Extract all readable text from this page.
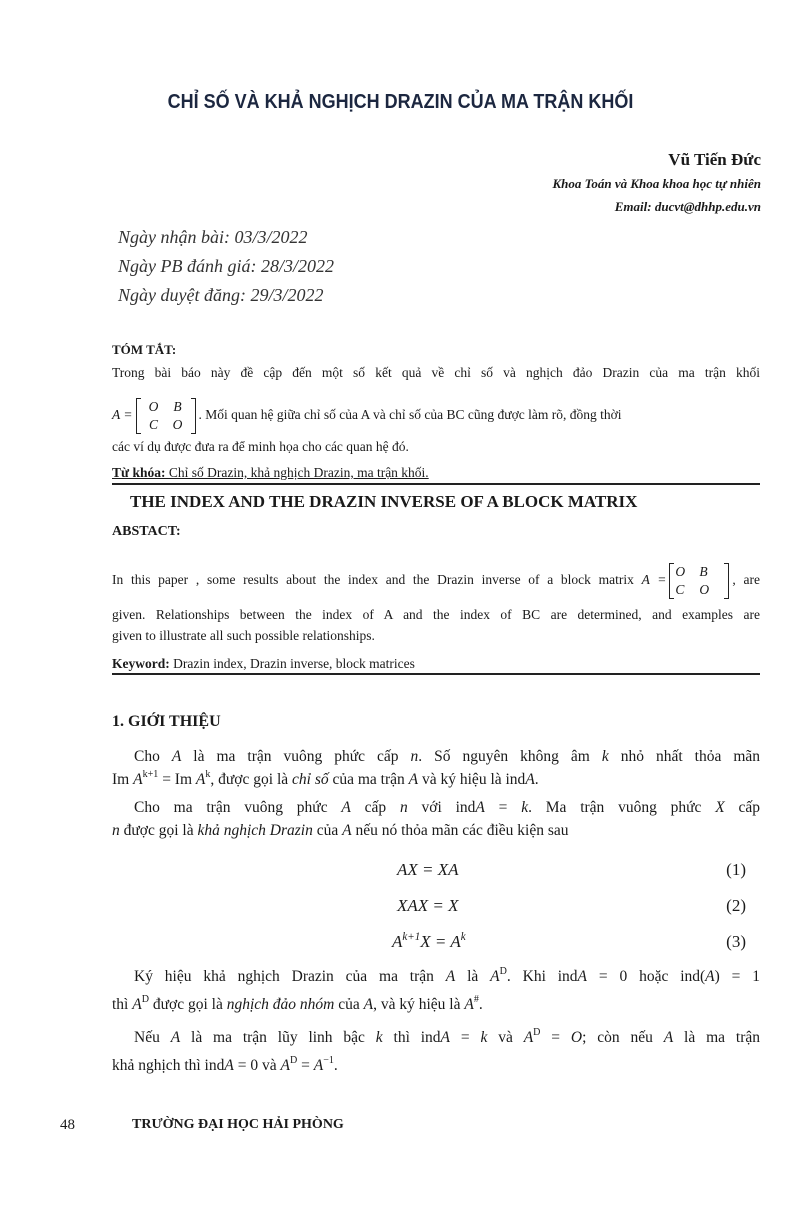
CHỈ SỐ VÀ KHẢ NGHỊCH DRAZIN CỦA MA TRẬN KHỐI
Vũ Tiến Đức
Khoa Toán và Khoa khoa học tự nhiên
Email: ducvt@dhhp.edu.vn
Ngày nhận bài: 03/3/2022
Ngày PB đánh giá: 28/3/2022
Ngày duyệt đăng: 29/3/2022
TÓM TẮT:
Trong bài báo này đề cập đến một số kết quả về chỉ số và nghịch đảo Drazin của ma trận khối
A =O B
C O. Mối quan hệ giữa chỉ số của A và chỉ số của BC cũng được làm rõ, đồng thời
các ví dụ được đưa ra để minh họa cho các quan hệ đó.
Từ khóa: Chỉ số Drazin, khả nghịch Drazin, ma trận khối.
THE INDEX AND THE DRAZIN INVERSE OF A BLOCK MATRIX
ABSTACT:
In this paper , some results about the index and the Drazin inverse of a block matrix A =O B
C O, are
given. Relationships between the index of A and the index of BC are determined, and examples are
given to illustrate all such possible relationships.
Keyword: Drazin index, Drazin inverse, block matrices
1. GIỚI THIỆU
Cho A là ma trận vuông phức cấp n. Số nguyên không âm k nhỏ nhất thỏa mãn
Im $A^{k+1} = Im$ $A^k$, được gọi là chỉ số của ma trận A và ký hiệu là indA.
Cho ma trận vuông phức A cấp n với indA = k. Ma trận vuông phức X cấp
n được gọi là khả nghịch Drazin của A nếu nó thỏa mãn các điều kiện sau
AX = XA	(1)
XAX = X	(2)
$A^{k+1}X = A^k$	(3)
Ký hiệu khả nghịch Drazin của ma trận A là $A^D$. Khi indA = 0 hoặc ind(A) = 1
thì $A^D$ được gọi là nghịch đảo nhóm của A, và ký hiệu là A#.
Nếu A là ma trận lũy linh bậc k thì indA = k và $A^D = O$; còn nếu A là ma trận
khả nghịch thì indA = 0 và $A^D = A^{-1}$.
48	TRƯỜNG ĐẠI HỌC HẢI PHÒNG
